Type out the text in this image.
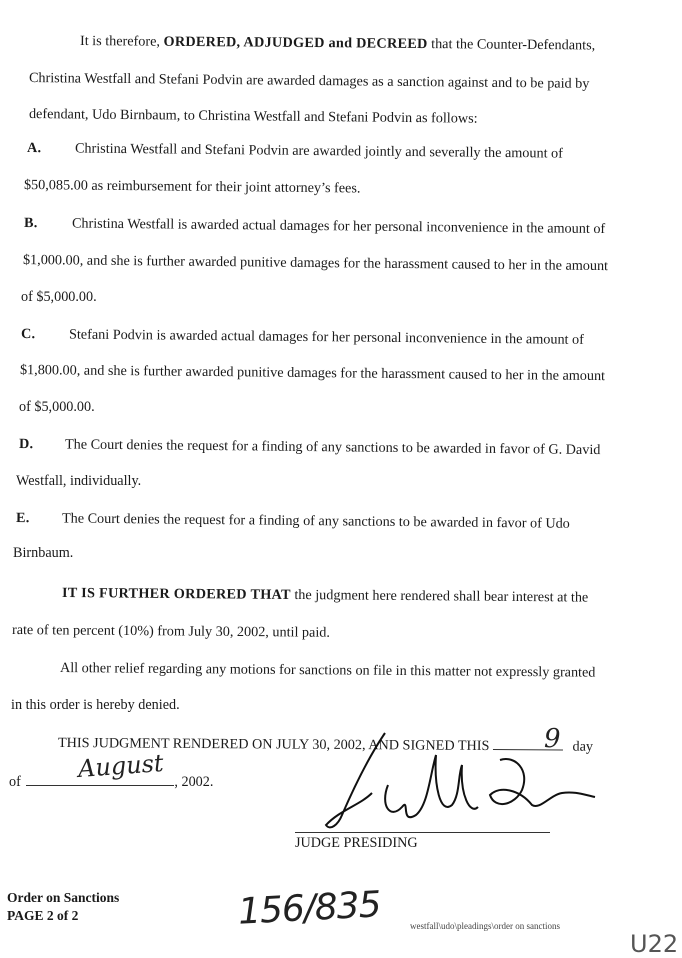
It is therefore, ORDERED, ADJUDGED and DECREED that the Counter-Defendants,
Christina Westfall and Stefani Podvin are awarded damages as a sanction against and to be paid by
defendant, Udo Birnbaum, to Christina Westfall and Stefani Podvin as follows:
A. Christina Westfall and Stefani Podvin are awarded jointly and severally the amount of
$50,085.00 as reimbursement for their joint attorney’s fees.
B. Christina Westfall is awarded actual damages for her personal inconvenience in the amount of
$1,000.00, and she is further awarded punitive damages for the harassment caused to her in the amount
of $5,000.00.
C. Stefani Podvin is awarded actual damages for her personal inconvenience in the amount of
$1,800.00, and she is further awarded punitive damages for the harassment caused to her in the amount
of $5,000.00.
D. The Court denies the request for a finding of any sanctions to be awarded in favor of G. David
Westfall, individually.
E. The Court denies the request for a finding of any sanctions to be awarded in favor of Udo
Birnbaum.
IT IS FURTHER ORDERED THAT the judgment here rendered shall bear interest at the
rate of ten percent (10%) from July 30, 2002, until paid.
All other relief regarding any motions for sanctions on file in this matter not expressly granted
in this order is hereby denied.
THIS JUDGMENT RENDERED ON JULY 30, 2002, AND SIGNED THIS	day
9
of	, 2002.
August
JUDGE PRESIDING
Order on Sanctions
PAGE 2 of 2	156/835	westfall\udo\pleadings\order on sanctions
U22
